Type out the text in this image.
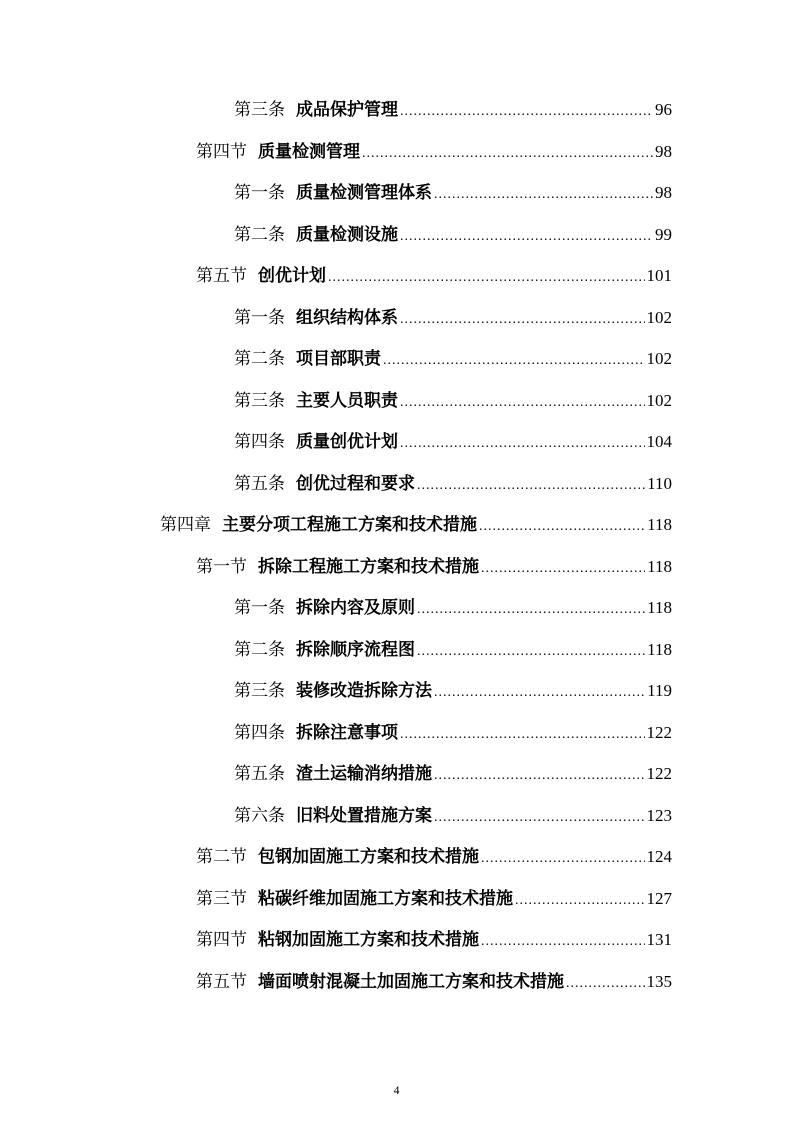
第三条 成品保护管理 .....	96
第四节 质量检测管理 .....	98
第一条 质量检测管理体系 .....	98
第二条 质量检测设施 .....	99
第五节 创优计划 .....	101
第一条 组织结构体系 .....	102
第二条 项目部职责 .....	102
第三条 主要人员职责 .....	102
第四条 质量创优计划 .....	104
第五条 创优过程和要求 .....	110
第四章 主要分项工程施工方案和技术措施 .....	118
第一节 拆除工程施工方案和技术措施 .....	118
第一条 拆除内容及原则 .....	118
第二条 拆除顺序流程图 .....	118
第三条 装修改造拆除方法 .....	119
第四条 拆除注意事项 .....	122
第五条 渣土运输消纳措施 .....	122
第六条 旧料处置措施方案 .....	123
第二节 包钢加固施工方案和技术措施 .....	124
第三节 粘碳纤维加固施工方案和技术措施 .....	127
第四节 粘钢加固施工方案和技术措施 .....	131
第五节 墙面喷射混凝土加固施工方案和技术措施 .....	135
4
